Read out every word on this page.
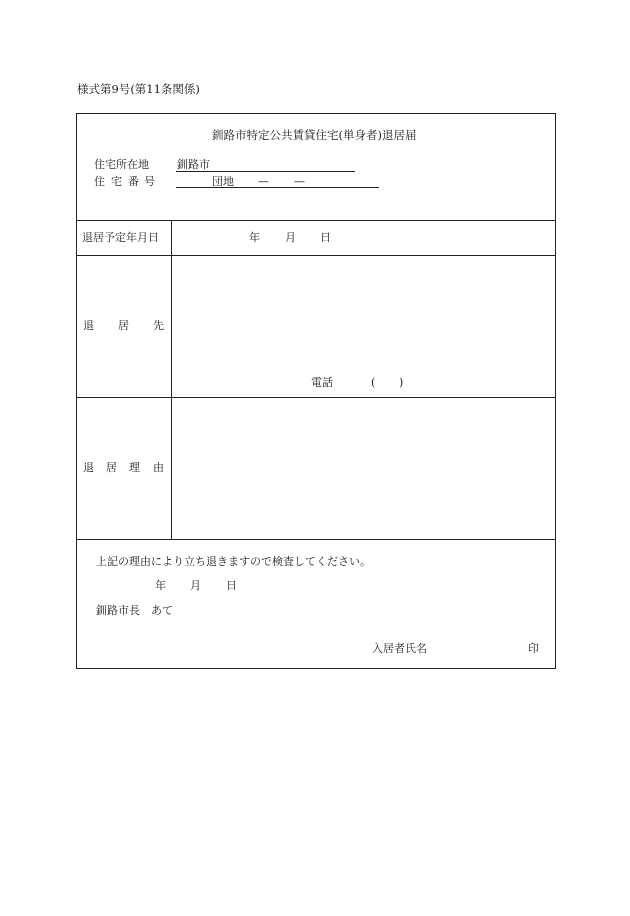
様式第9号(第11条関係)
釧路市特定公共賃貸住宅(単身者)退居届
住宅所在地	釧路市
住 宅 番 号	団地 — —
退居予定年月日	年 月 日
退 居 先
電話	( )
退 居 理 由
上記の理由により立ち退きますので検査してください。
年 月 日
釧路市長　あて
入居者氏名	印
